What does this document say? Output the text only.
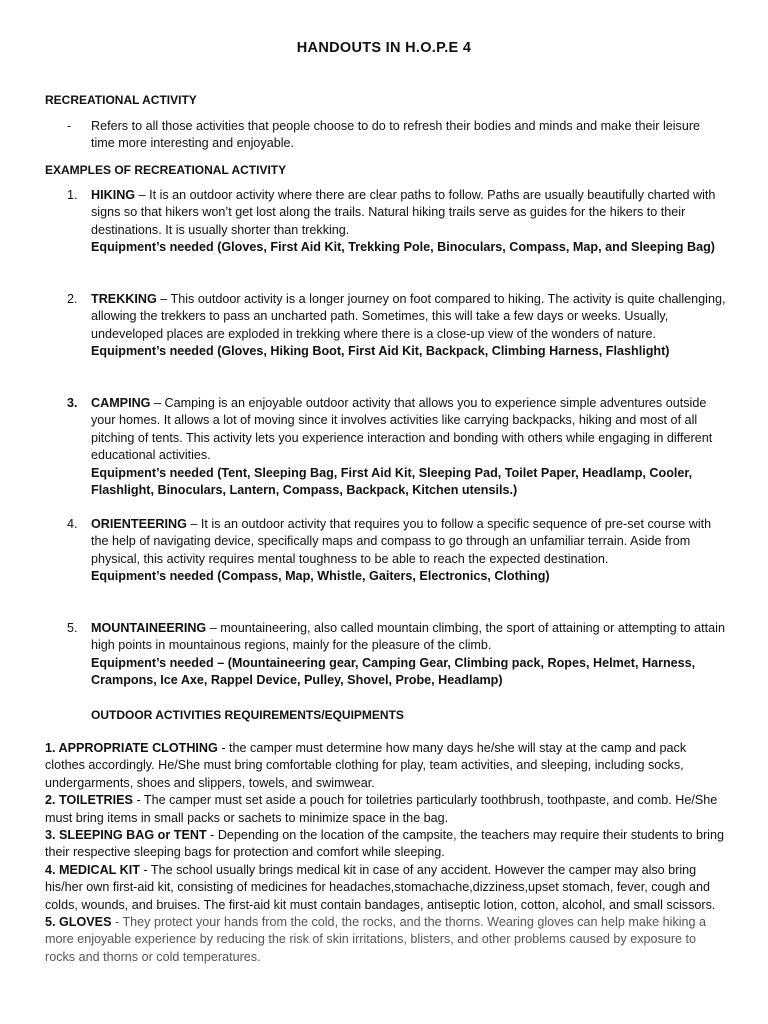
HANDOUTS IN H.O.P.E 4
RECREATIONAL ACTIVITY
- Refers to all those activities that people choose to do to refresh their bodies and minds and make their leisure time more interesting and enjoyable.
EXAMPLES OF RECREATIONAL ACTIVITY
1.	HIKING – It is an outdoor activity where there are clear paths to follow. Paths are usually beautifully charted with signs so that hikers won’t get lost along the trails. Natural hiking trails serve as guides for the hikers to their destinations. It is usually shorter than trekking.
Equipment’s needed (Gloves, First Aid Kit, Trekking Pole, Binoculars, Compass, Map, and Sleeping Bag)
2.	TREKKING – This outdoor activity is a longer journey on foot compared to hiking. The activity is quite challenging, allowing the trekkers to pass an uncharted path. Sometimes, this will take a few days or weeks. Usually, undeveloped places are exploded in trekking where there is a close-up view of the wonders of nature.
Equipment’s needed (Gloves, Hiking Boot, First Aid Kit, Backpack, Climbing Harness, Flashlight)
3.	CAMPING – Camping is an enjoyable outdoor activity that allows you to experience simple adventures outside your homes. It allows a lot of moving since it involves activities like carrying backpacks, hiking and most of all pitching of tents. This activity lets you experience interaction and bonding with others while engaging in different educational activities.
Equipment’s needed (Tent, Sleeping Bag, First Aid Kit, Sleeping Pad, Toilet Paper, Headlamp, Cooler, Flashlight, Binoculars, Lantern, Compass, Backpack, Kitchen utensils.)
4.	ORIENTEERING – It is an outdoor activity that requires you to follow a specific sequence of pre-set course with the help of navigating device, specifically maps and compass to go through an unfamiliar terrain. Aside from physical, this activity requires mental toughness to be able to reach the expected destination.
Equipment’s needed (Compass, Map, Whistle, Gaiters, Electronics, Clothing)
5.	MOUNTAINEERING – mountaineering, also called mountain climbing, the sport of attaining or attempting to attain high points in mountainous regions, mainly for the pleasure of the climb.
Equipment’s needed – (Mountaineering gear, Camping Gear, Climbing pack, Ropes, Helmet, Harness, Crampons, Ice Axe, Rappel Device, Pulley, Shovel, Probe, Headlamp)
OUTDOOR ACTIVITIES REQUIREMENTS/EQUIPMENTS

1. APPROPRIATE CLOTHING - the camper must determine how many days he/she will stay at the camp and pack clothes accordingly. He/She must bring comfortable clothing for play, team activities, and sleeping, including socks, undergarments, shoes and slippers, towels, and swimwear.

2. TOILETRIES - The camper must set aside a pouch for toiletries particularly toothbrush, toothpaste, and comb. He/She must bring items in small packs or sachets to minimize space in the bag.

3. SLEEPING BAG or TENT - Depending on the location of the campsite, the teachers may require their students to bring their respective sleeping bags for protection and comfort while sleeping.

4. MEDICAL KIT - The school usually brings medical kit in case of any accident. However the camper may also bring his/her own first-aid kit, consisting of medicines for headaches,stomachache,dizziness,upset stomach, fever, cough and colds, wounds, and bruises. The first-aid kit must contain bandages, antiseptic lotion, cotton, alcohol, and small scissors.

5. GLOVES - They protect your hands from the cold, the rocks, and the thorns. Wearing gloves can help make hiking a more enjoyable experience by reducing the risk of skin irritations, blisters, and other problems caused by exposure to rocks and thorns or cold temperatures.
